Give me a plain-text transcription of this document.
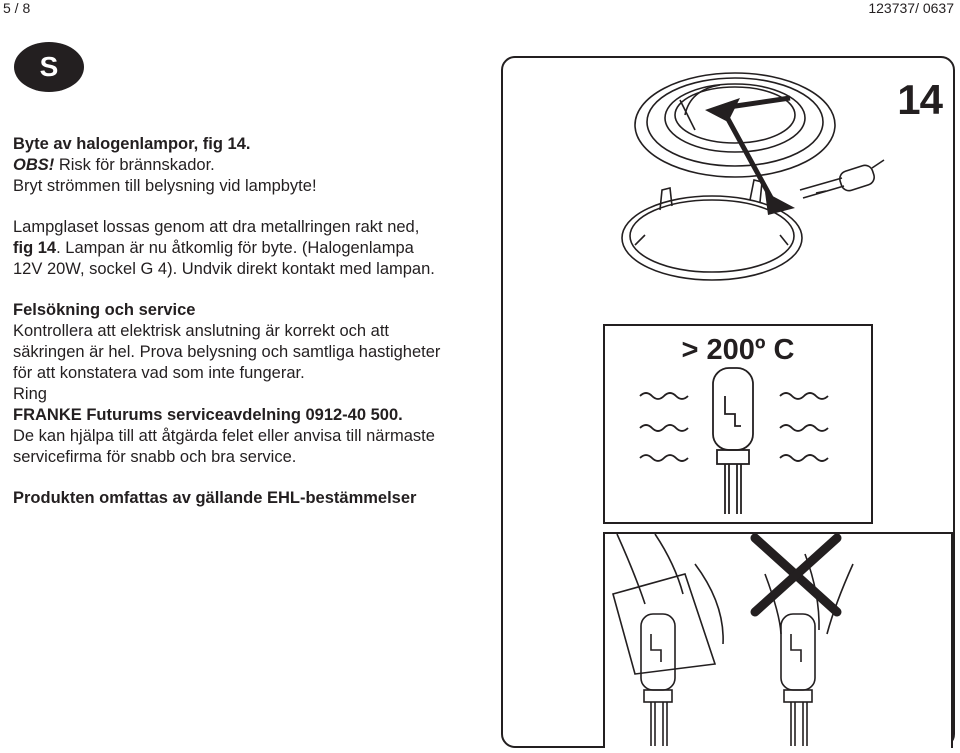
5 / 8	123737/ 0637
S
Byte av halogenlampor, fig 14.
OBS! Risk för brännskador.
Bryt strömmen till belysning vid lampbyte!
Lampglaset lossas genom att dra metallringen rakt ned,
fig 14. Lampan är nu åtkomlig för byte. (Halogenlampa
12V 20W, sockel G 4). Undvik direkt kontakt med lampan.
Felsökning och service
Kontrollera att elektrisk anslutning är korrekt och att
säkringen är hel. Prova belysning och samtliga hastigheter
för att konstatera vad som inte fungerar.
Ring
FRANKE Futurums serviceavdelning 0912-40 500.
De kan hjälpa till att åtgärda felet eller anvisa till närmaste
servicefirma för snabb och bra service.
Produkten omfattas av gällande EHL-bestämmelser
14
> 200º C
